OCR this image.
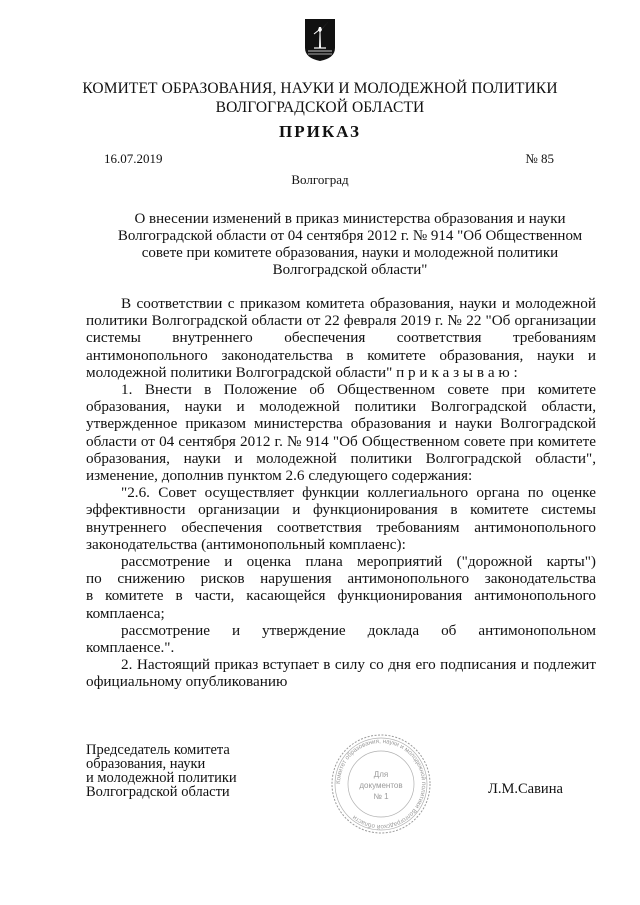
КОМИТЕТ ОБРАЗОВАНИЯ, НАУКИ И МОЛОДЕЖНОЙ ПОЛИТИКИ
ВОЛГОГРАДСКОЙ ОБЛАСТИ
ПРИКАЗ
16.07.2019	№ 85
Волгоград
О внесении изменений в приказ министерства образования и науки
Волгоградской области от 04 сентября 2012 г. № 914 "Об Общественном
совете при комитете образования, науки и молодежной политики
Волгоградской области"
В соответствии с приказом комитета образования, науки и молодежной
политики Волгоградской области от 22 февраля 2019 г. № 22 "Об организации
системы внутреннего обеспечения соответствия требованиям
антимонопольного законодательства в комитете образования, науки и
молодежной политики Волгоградской области" п р и к а з ы в а ю :
1. Внести в Положение об Общественном совете при комитете
образования, науки и молодежной политики Волгоградской области,
утвержденное приказом министерства образования и науки Волгоградской
области от 04 сентября 2012 г. № 914 "Об Общественном совете при комитете
образования, науки и молодежной политики Волгоградской области",
изменение, дополнив пунктом 2.6 следующего содержания:
"2.6. Совет осуществляет функции коллегиального органа по оценке
эффективности организации и функционирования в комитете системы
внутреннего обеспечения соответствия требованиям антимонопольного
законодательства (антимонопольный комплаенс):
рассмотрение и оценка плана мероприятий ("дорожной карты")
по снижению рисков нарушения антимонопольного законодательства
в комитете в части, касающейся функционирования антимонопольного
комплаенса;
рассмотрение и утверждение доклада об антимонопольном
комплаенсе.".
2. Настоящий приказ вступает в силу со дня его подписания и подлежит
официальному опубликованию
Председатель комитета
образования, науки
и молодежной политики
Волгоградской области
Комитет образования, науки и молодежной политики Волгоградской области
Для
документов
№ 1	Л.М.Савина
